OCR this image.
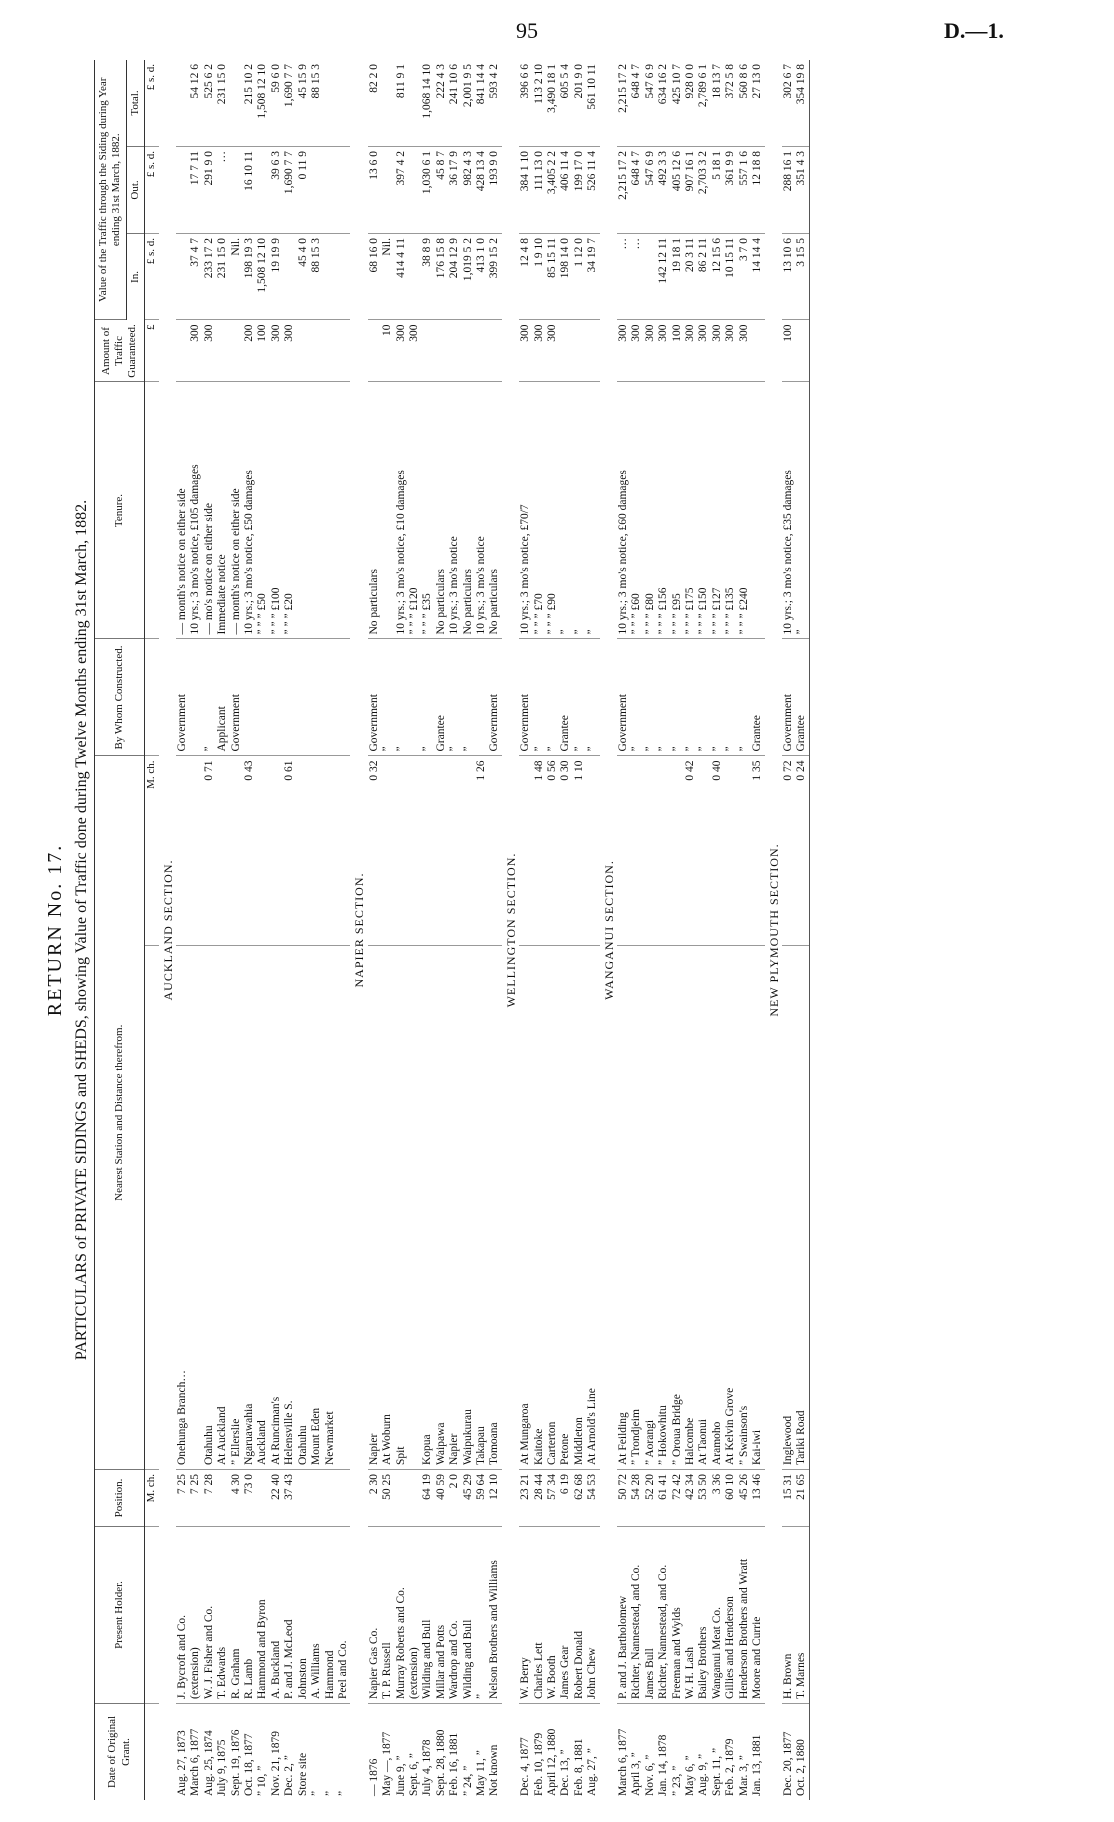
95	D.—1.

RETURN No. 17. PARTICULARS of PRIVATE SIDINGS and SHEDS, showing Value of Traffic done during Twelve Months ending 31st March, 1882.

Date of Original Grant.	Present Holder.	Position.	Nearest Station and Distance therefrom.		By Whom Constructed.	Tenure.	Amount of Traffic Guaranteed.	Value of the Traffic through the Siding during Year ending 31st March, 1882.		
								In.	Out.	Total.
		M. ch.		M. ch.			£	£ s. d.	£ s. d.	£ s. d.
AUCKLAND SECTION.										
Aug. 27, 1873	J. Bycroft and Co.	7 25	Onehunga Branch…		Government	— month's notice on either side				
March 6, 1877	(extension)	7 25				10 yrs.; 3 mo's notice, £105 damages	300	37 4 7	17 7 11	54 12 6
Aug. 25, 1874	W. J. Fisher and Co.	7 28	Otahuhu	0 71	”	— mo's notice on either side	300	233 17 2	291 9 0	525 6 2
July 9, 1875	T. Edwards		At Auckland		Applicant	Immediate notice		231 15 0	…	231 15 0
Sept. 19, 1876	R. Graham	4 30	” Ellerslie		Government	— month's notice on either side		Nil.		
Oct. 18, 1877	R. Lamb	73 0	Ngaruawahia	0 43		10 yrs.; 3 mo's notice, £50 damages	200	198 19 3	16 10 11	215 10 2
” 10, ”	Hammond and Byron		Auckland			” ” ” £50	100	1,508 12 10		1,508 12 10
Nov. 21, 1879	A. Buckland	22 40	At Runciman's			” ” ” £100	300	19 19 9	39 6 3	59 6 0
Dec. 2, ”	P. and J. McLeod	37 43	Helensville S.	0 61		” ” ” £20	300		1,690 7 7	1,690 7 7
Store site	Johnston		Otahuhu					45 4 0	0 11 9	45 15 9
”	A. Williams		Mount Eden					88 15 3		88 15 3
”	Hammond		Newmarket							
”	Peel and Co.									
NAPIER SECTION.										
— 1876	Napier Gas Co.	2 30	Napier	0 32	Government	No particulars		68 16 0	13 6 0	82 2 0
May —, 1877	T. P. Russell	50 25	At Woburn		”		10	Nil.		
June 9, ”	Murray Roberts and Co.		Spit		”	10 yrs.; 3 mo's notice, £10 damages	300	414 4 11	397 4 2	811 9 1
Sept. 6, ”	(extension)					” ” ” £120	300			
July 4, 1878	Wilding and Bull	64 19	Kopua		”	” ” ” £35		38 8 9	1,030 6 1	1,068 14 10
Sept. 28, 1880	Millar and Potts	40 59	Waipawa		Grantee	No particulars		176 15 8	45 8 7	222 4 3
Feb. 16, 1881	Wardrop and Co.	2 0	Napier		”	10 yrs.; 3 mo's notice		204 12 9	36 17 9	241 10 6
” 24, ”	Wilding and Bull	45 29	Waipukurau		”	No particulars		1,019 5 2	982 4 3	2,001 9 5
May 11, ”	”	59 64	Takapau	1 26		10 yrs.; 3 mo's notice		413 1 0	428 13 4	841 14 4
Not known	Nelson Brothers and Williams	12 10	Tomoana		Government	No particulars		399 15 2	193 9 0	593 4 2
WELLINGTON SECTION.										
Dec. 4, 1877	W. Berry	23 21	At Mungaroa		Government	10 yrs.; 3 mo's notice, £70/7	300	12 4 8	384 1 10	396 6 6
Feb. 10, 1879	Charles Lett	28 44	Kaitoke	1 48	”	” ” ” £70	300	1 9 10	111 13 0	113 2 10
April 12, 1880	W. Booth	57 34	Carterton	0 56	”	” ” ” £90	300	85 15 11	3,405 2 2	3,490 18 1
Dec. 13, ”	James Gear	6 19	Petone	0 30	Grantee	”		198 14 0	406 11 4	605 5 4
Feb. 8, 1881	Robert Donald	62 68	Middleton	1 10	”	”		1 12 0	199 17 0	201 9 0
Aug. 27, ”	John Chew	54 53	At Arnold's Line		”	”		34 19 7	526 11 4	561 10 11
WANGANUI SECTION.										
March 6, 1877	P. and J. Bartholomew	50 72	At Feilding		Government	10 yrs.; 3 mo's notice, £60 damages	300	…	2,215 17 2	2,215 17 2
April 3, ”	Richter, Nannestead, and Co.	54 28	” Trondjeim		”	” ” ” £60	300	…	648 4 7	648 4 7
Nov. 6, ”	James Bull	52 20	” Aorangi		”	” ” ” £80	300		547 6 9	547 6 9
Jan. 14, 1878	Richter, Nannestead, and Co.	61 41	” Hokowhitu		”	” ” ” £156	300	142 12 11	492 3 3	634 16 2
” 23, ”	Freeman and Wylds	72 42	” Oroua Bridge		”	” ” ” £95	100	19 18 1	405 12 6	425 10 7
May 6, ”	W. H. Lash	42 34	Halcombe	0 42	”	” ” ” £175	300	20 3 11	907 16 1	928 0 0
Aug. 9, ”	Bailey Brothers	53 50	At Taonui		”	” ” ” £150	300	86 2 11	2,703 3 2	2,789 6 1
Sept. 11, ”	Wanganui Meat Co.	3 36	Aramoho	0 40	”	” ” ” £127	300	12 15 6	5 18 1	18 13 7
Feb. 2, 1879	Gillies and Henderson	60 10	At Kelvin Grove		”	” ” ” £135	300	10 15 11	361 9 9	372 5 8
Mar. 3, ”	Henderson Brothers and Wratt	45 26	” Swainson's		”	” ” ” £240	300	3 7 0	557 1 6	560 8 6
Jan. 13, 1881	Moore and Currie	13 46	Kai-iwi	1 35	Grantee			14 14 4	12 18 8	27 13 0
NEW PLYMOUTH SECTION.										
Dec. 20, 1877	H. Brown	15 31	Inglewood	0 72	Government	10 yrs.; 3 mo's notice, £35 damages	100	13 10 6	288 16 1	302 6 7
Oct. 2, 1880	T. Marnes	21 65	Tariki Road	0 24	Grantee	”		3 15 5	351 4 3	354 19 8
